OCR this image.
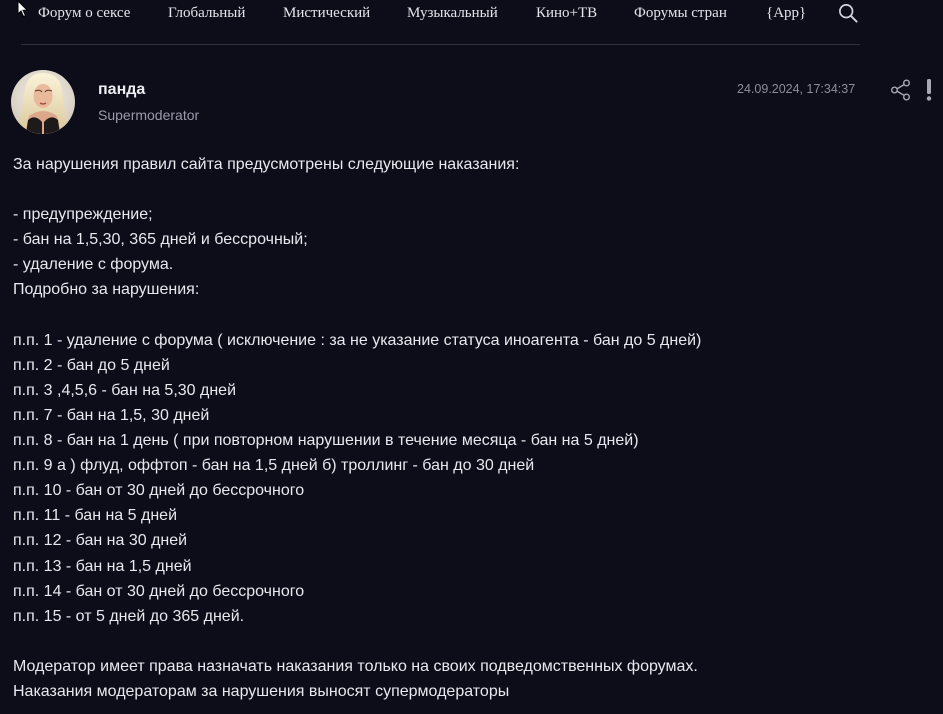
Форум о сексе	Глобальный	Мистический Музыкальный	Кино+ТВ Форумы стран	{App}
панда
Supermoderator
24.09.2024, 17:34:37
За нарушения правил сайта предусмотрены следующие наказания:
- предупреждение;
- бан на 1,5,30, 365 дней и бессрочный;
- удаление с форума.
Подробно за нарушения:
п.п. 1 - удаление с форума ( исключение : за не указание статуса иноагента - бан до 5 дней)
п.п. 2 - бан до 5 дней
п.п. 3 ,4,5,6 - бан на 5,30 дней
п.п. 7 - бан на 1,5, 30 дней
п.п. 8 - бан на 1 день ( при повторном нарушении в течение месяца - бан на 5 дней)
п.п. 9 а ) флуд, оффтоп - бан на 1,5 дней б) троллинг - бан до 30 дней
п.п. 10 - бан от 30 дней до бессрочного
п.п. 11 - бан на 5 дней
п.п. 12 - бан на 30 дней
п.п. 13 - бан на 1,5 дней
п.п. 14 - бан от 30 дней до бессрочного
п.п. 15 - от 5 дней до 365 дней.
Модератор имеет права назначать наказания только на своих подведомственных форумах.
Наказания модераторам за нарушения выносят супермодераторы
